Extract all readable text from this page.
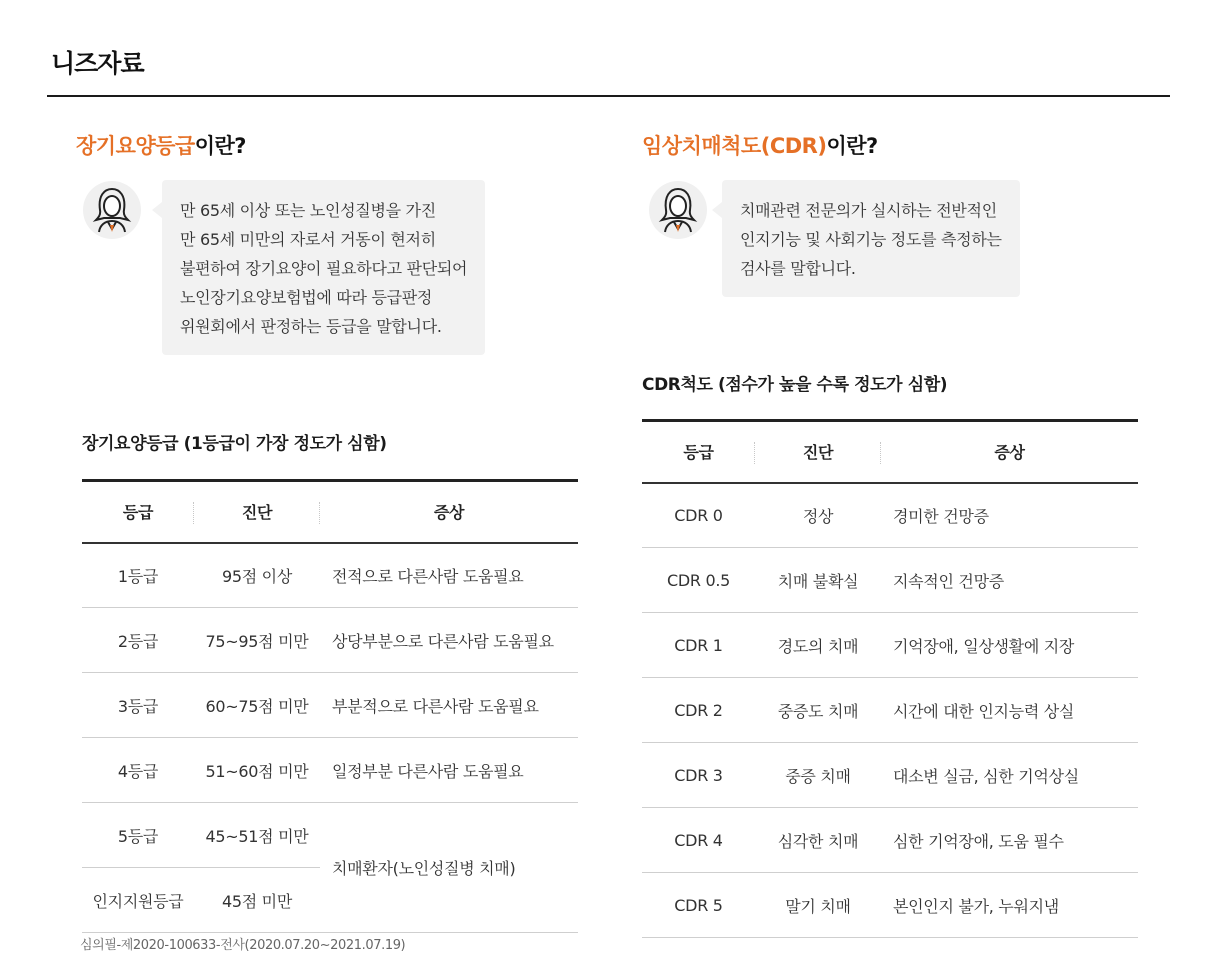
니즈자료
장기요양등급이란?
만 65세 이상 또는 노인성질병을 가진
만 65세 미만의 자로서 거동이 현저히
불편하여 장기요양이 필요하다고 판단되어
노인장기요양보험법에 따라 등급판정
위원회에서 판정하는 등급을 말합니다.
장기요양등급 (1등급이 가장 정도가 심함)
등급	진단	증상
1등급	95점 이상	전적으로 다른사람 도움필요
2등급	75~95점 미만	상당부분으로 다른사람 도움필요
3등급	60~75점 미만	부분적으로 다른사람 도움필요
4등급	51~60점 미만	일정부분 다른사람 도움필요
5등급	45~51점 미만	치매환자(노인성질병 치매)
인지지원등급	45점 미만	
임상치매척도(CDR)이란?
치매관련 전문의가 실시하는 전반적인
인지기능 및 사회기능 정도를 측정하는
검사를 말합니다.
CDR척도 (점수가 높을 수록 정도가 심함)
등급	진단	증상
CDR 0	정상	경미한 건망증
CDR 0.5	치매 불확실	지속적인 건망증
CDR 1	경도의 치매	기억장애, 일상생활에 지장
CDR 2	중증도 치매	시간에 대한 인지능력 상실
CDR 3	중증 치매	대소변 실금, 심한 기억상실
CDR 4	심각한 치매	심한 기억장애, 도움 필수
CDR 5	말기 치매	본인인지 불가, 누워지냄
심의필-제2020-100633-전사(2020.07.20~2021.07.19)
